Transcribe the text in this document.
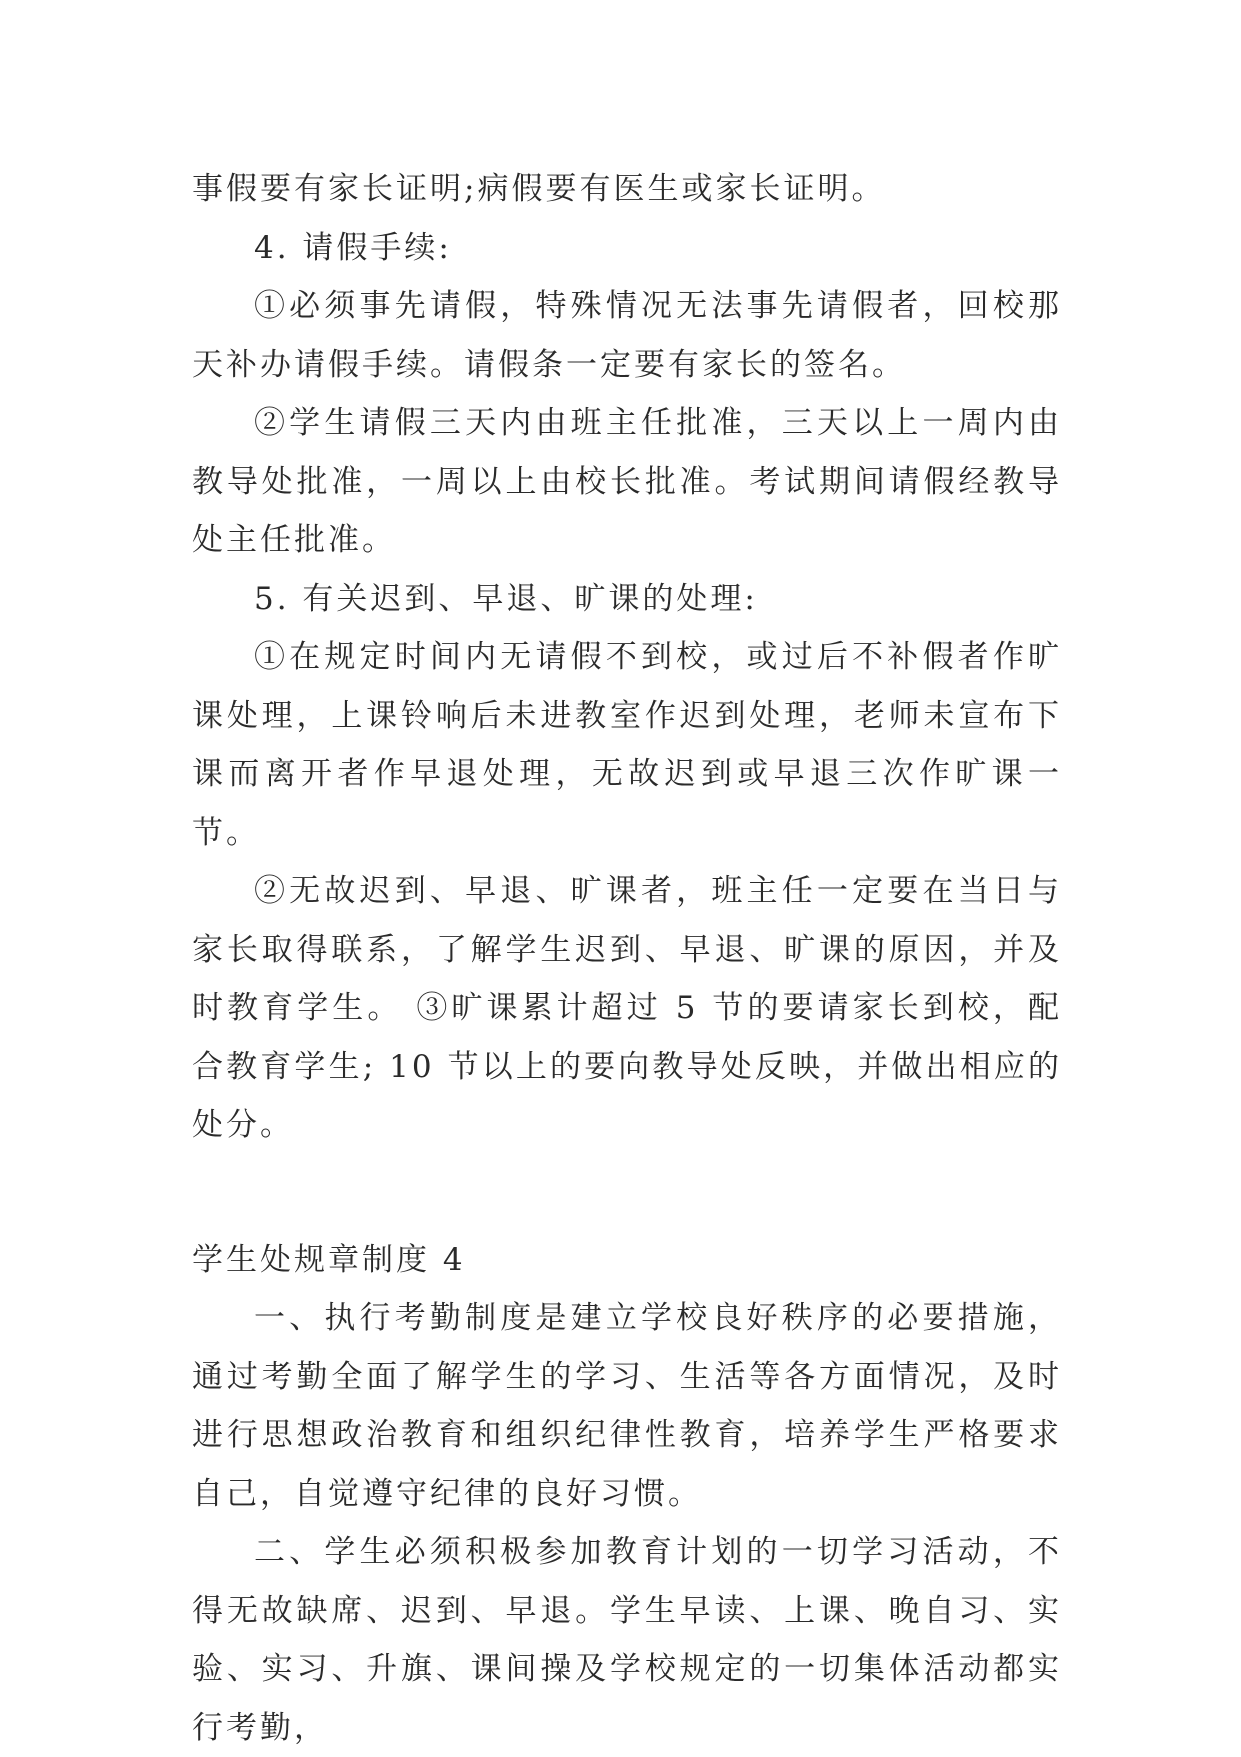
事假要有家长证明;病假要有医生或家长证明。

4. 请假手续:

①必须事先请假，特殊情况无法事先请假者，回校那天补办请假手续。请假条一定要有家长的签名。

②学生请假三天内由班主任批准，三天以上一周内由教导处批准，一周以上由校长批准。考试期间请假经教导处主任批准。

5. 有关迟到、早退、旷课的处理:

①在规定时间内无请假不到校，或过后不补假者作旷课处理，上课铃响后未进教室作迟到处理，老师未宣布下课而离开者作早退处理，无故迟到或早退三次作旷课一节。

②无故迟到、早退、旷课者，班主任一定要在当日与家长取得联系，了解学生迟到、早退、旷课的原因，并及时教育学生。 ③旷课累计超过 5 节的要请家长到校，配合教育学生; 10 节以上的要向教导处反映，并做出相应的处分。

学生处规章制度 4

一、执行考勤制度是建立学校良好秩序的必要措施，通过考勤全面了解学生的学习、生活等各方面情况，及时进行思想政治教育和组织纪律性教育，培养学生严格要求自己，自觉遵守纪律的良好习惯。

二、学生必须积极参加教育计划的一切学习活动，不得无故缺席、迟到、早退。学生早读、上课、晚自习、实验、实习、升旗、课间操及学校规定的一切集体活动都实行考勤，
